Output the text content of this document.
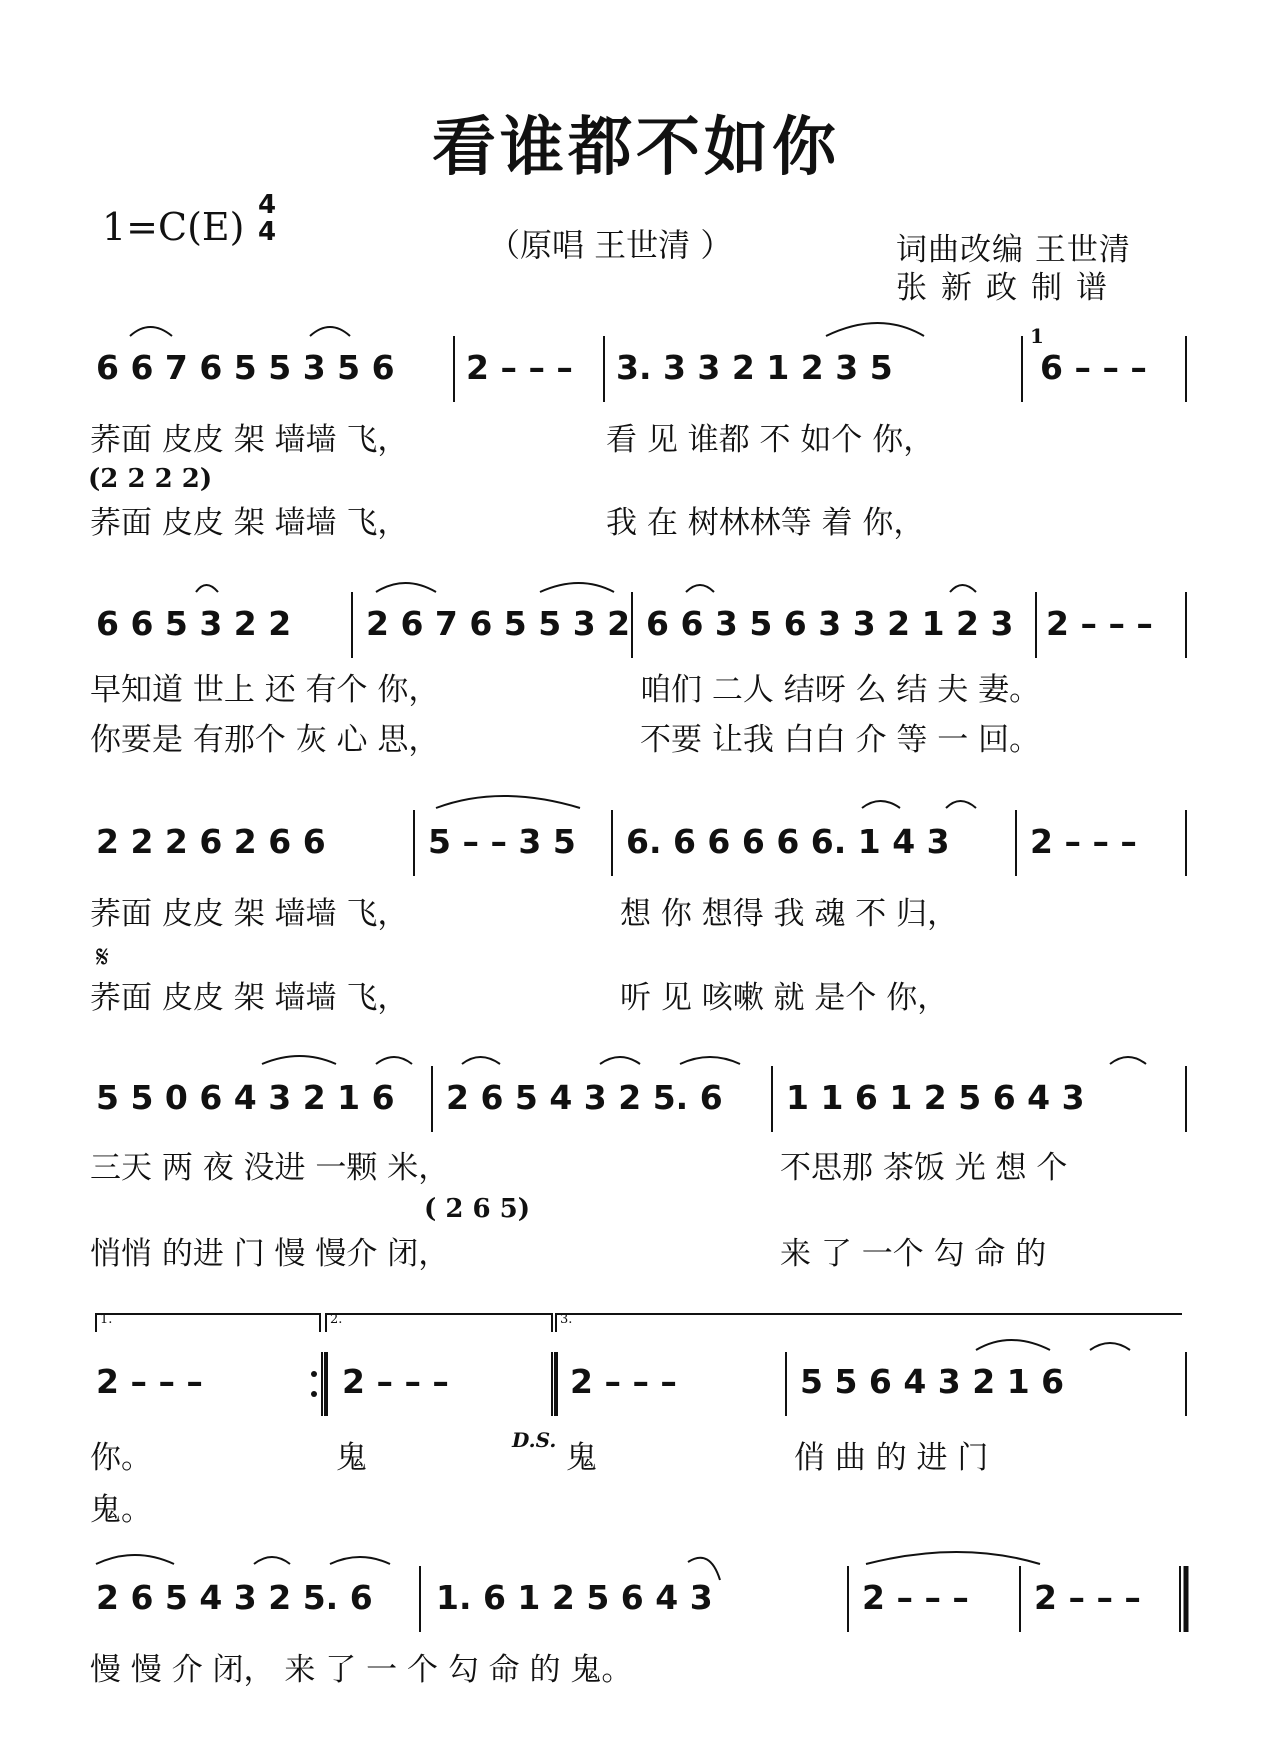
看谁都不如你
1=C(E) 4
4	（原唱 王世清 ）	词曲改编 王世清
张新政制谱
6 6 7 6 5 5 3 5 6 2 – – – 3. 3 3 2 1 2 3 5
1
6 – – –
荞面 皮皮 架 墙墙 飞，	看 见 谁都 不 如个 你，
(2 2 2 2)
荞面 皮皮 架 墙墙 飞，	我 在 树林林等 着 你，
6 6 5 3 2 2 2 6 7 6 5 5 3 2 6 6 3 5 6 3 3 2 1 2 3 2 – – –
早知道 世上 还 有个 你，	咱们 二人 结呀 么 结 夫 妻。
你要是 有那个 灰 心 思，	不要 让我 白白 介 等 一 回。
2 2 2 6 2 6 6	5 – – 3 5 6. 6 6 6 6 6. 1 4 3 2 – – –
荞面 皮皮 架 墙墙 飞，	想 你 想得 我 魂 不 归，
𝄋
荞面 皮皮 架 墙墙 飞，	听 见 咳嗽 就 是个 你，
5 5 0 6 4 3 2 1 6 2 6 5 4 3 2 5. 6 1 1 6 1 2 5 6 4 3
三天 两 夜 没进 一颗 米，	不思那 茶饭 光 想 个
( 2 6 5)
悄悄 的进 门 慢 慢介 闭，	来 了 一个 勾 命 的
1.	2.	3.
2 – – –	2 – – –	2 – – –	5 5 6 4 3 2 1 6
D.S.
你。	鬼	鬼	俏 曲 的 进 门
鬼。
2 6 5 4 3 2 5. 6 1. 6 1 2 5 6 4 3	2 – – – 2 – – –
慢 慢 介 闭， 来 了 一 个 勾 命 的 鬼。
